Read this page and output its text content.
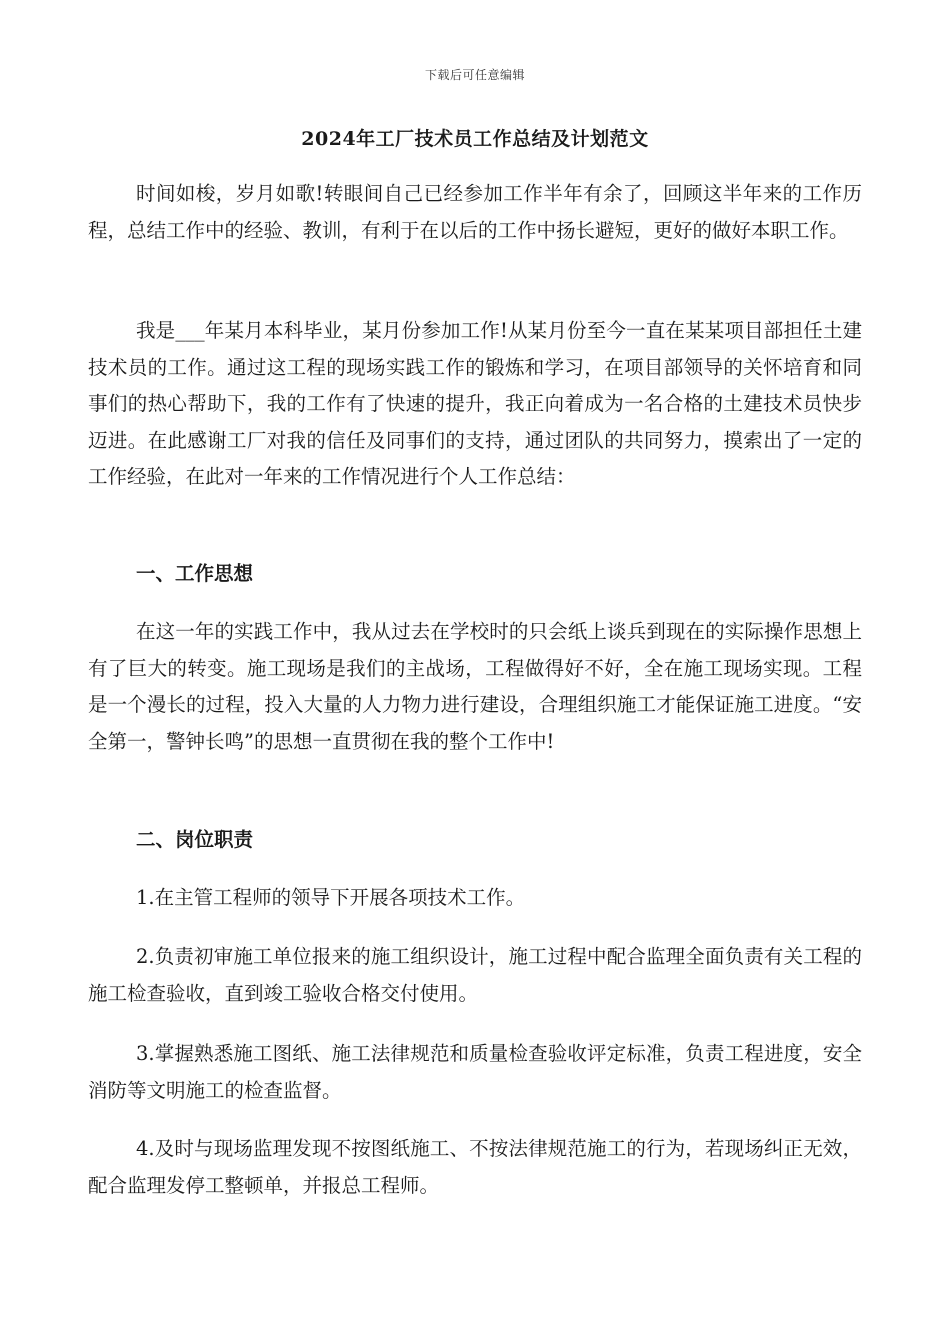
下载后可任意编辑
2024年工厂技术员工作总结及计划范文
时间如梭，岁月如歌!转眼间自己已经参加工作半年有余了，回顾这半年来的工作历程，总结工作中的经验、教训，有利于在以后的工作中扬长避短，更好的做好本职工作。
我是___年某月本科毕业，某月份参加工作!从某月份至今一直在某某项目部担任土建技术员的工作。通过这工程的现场实践工作的锻炼和学习，在项目部领导的关怀培育和同事们的热心帮助下，我的工作有了快速的提升，我正向着成为一名合格的土建技术员快步迈进。在此感谢工厂对我的信任及同事们的支持，通过团队的共同努力，摸索出了一定的工作经验，在此对一年来的工作情况进行个人工作总结：
一、工作思想
在这一年的实践工作中，我从过去在学校时的只会纸上谈兵到现在的实际操作思想上有了巨大的转变。施工现场是我们的主战场，工程做得好不好，全在施工现场实现。工程是一个漫长的过程，投入大量的人力物力进行建设，合理组织施工才能保证施工进度。“安全第一，警钟长鸣”的思想一直贯彻在我的整个工作中!
二、岗位职责
1.在主管工程师的领导下开展各项技术工作。
2.负责初审施工单位报来的施工组织设计，施工过程中配合监理全面负责有关工程的施工检查验收，直到竣工验收合格交付使用。
3.掌握熟悉施工图纸、施工法律规范和质量检查验收评定标准，负责工程进度，安全消防等文明施工的检查监督。
4.及时与现场监理发现不按图纸施工、不按法律规范施工的行为，若现场纠正无效，配合监理发停工整顿单，并报总工程师。
